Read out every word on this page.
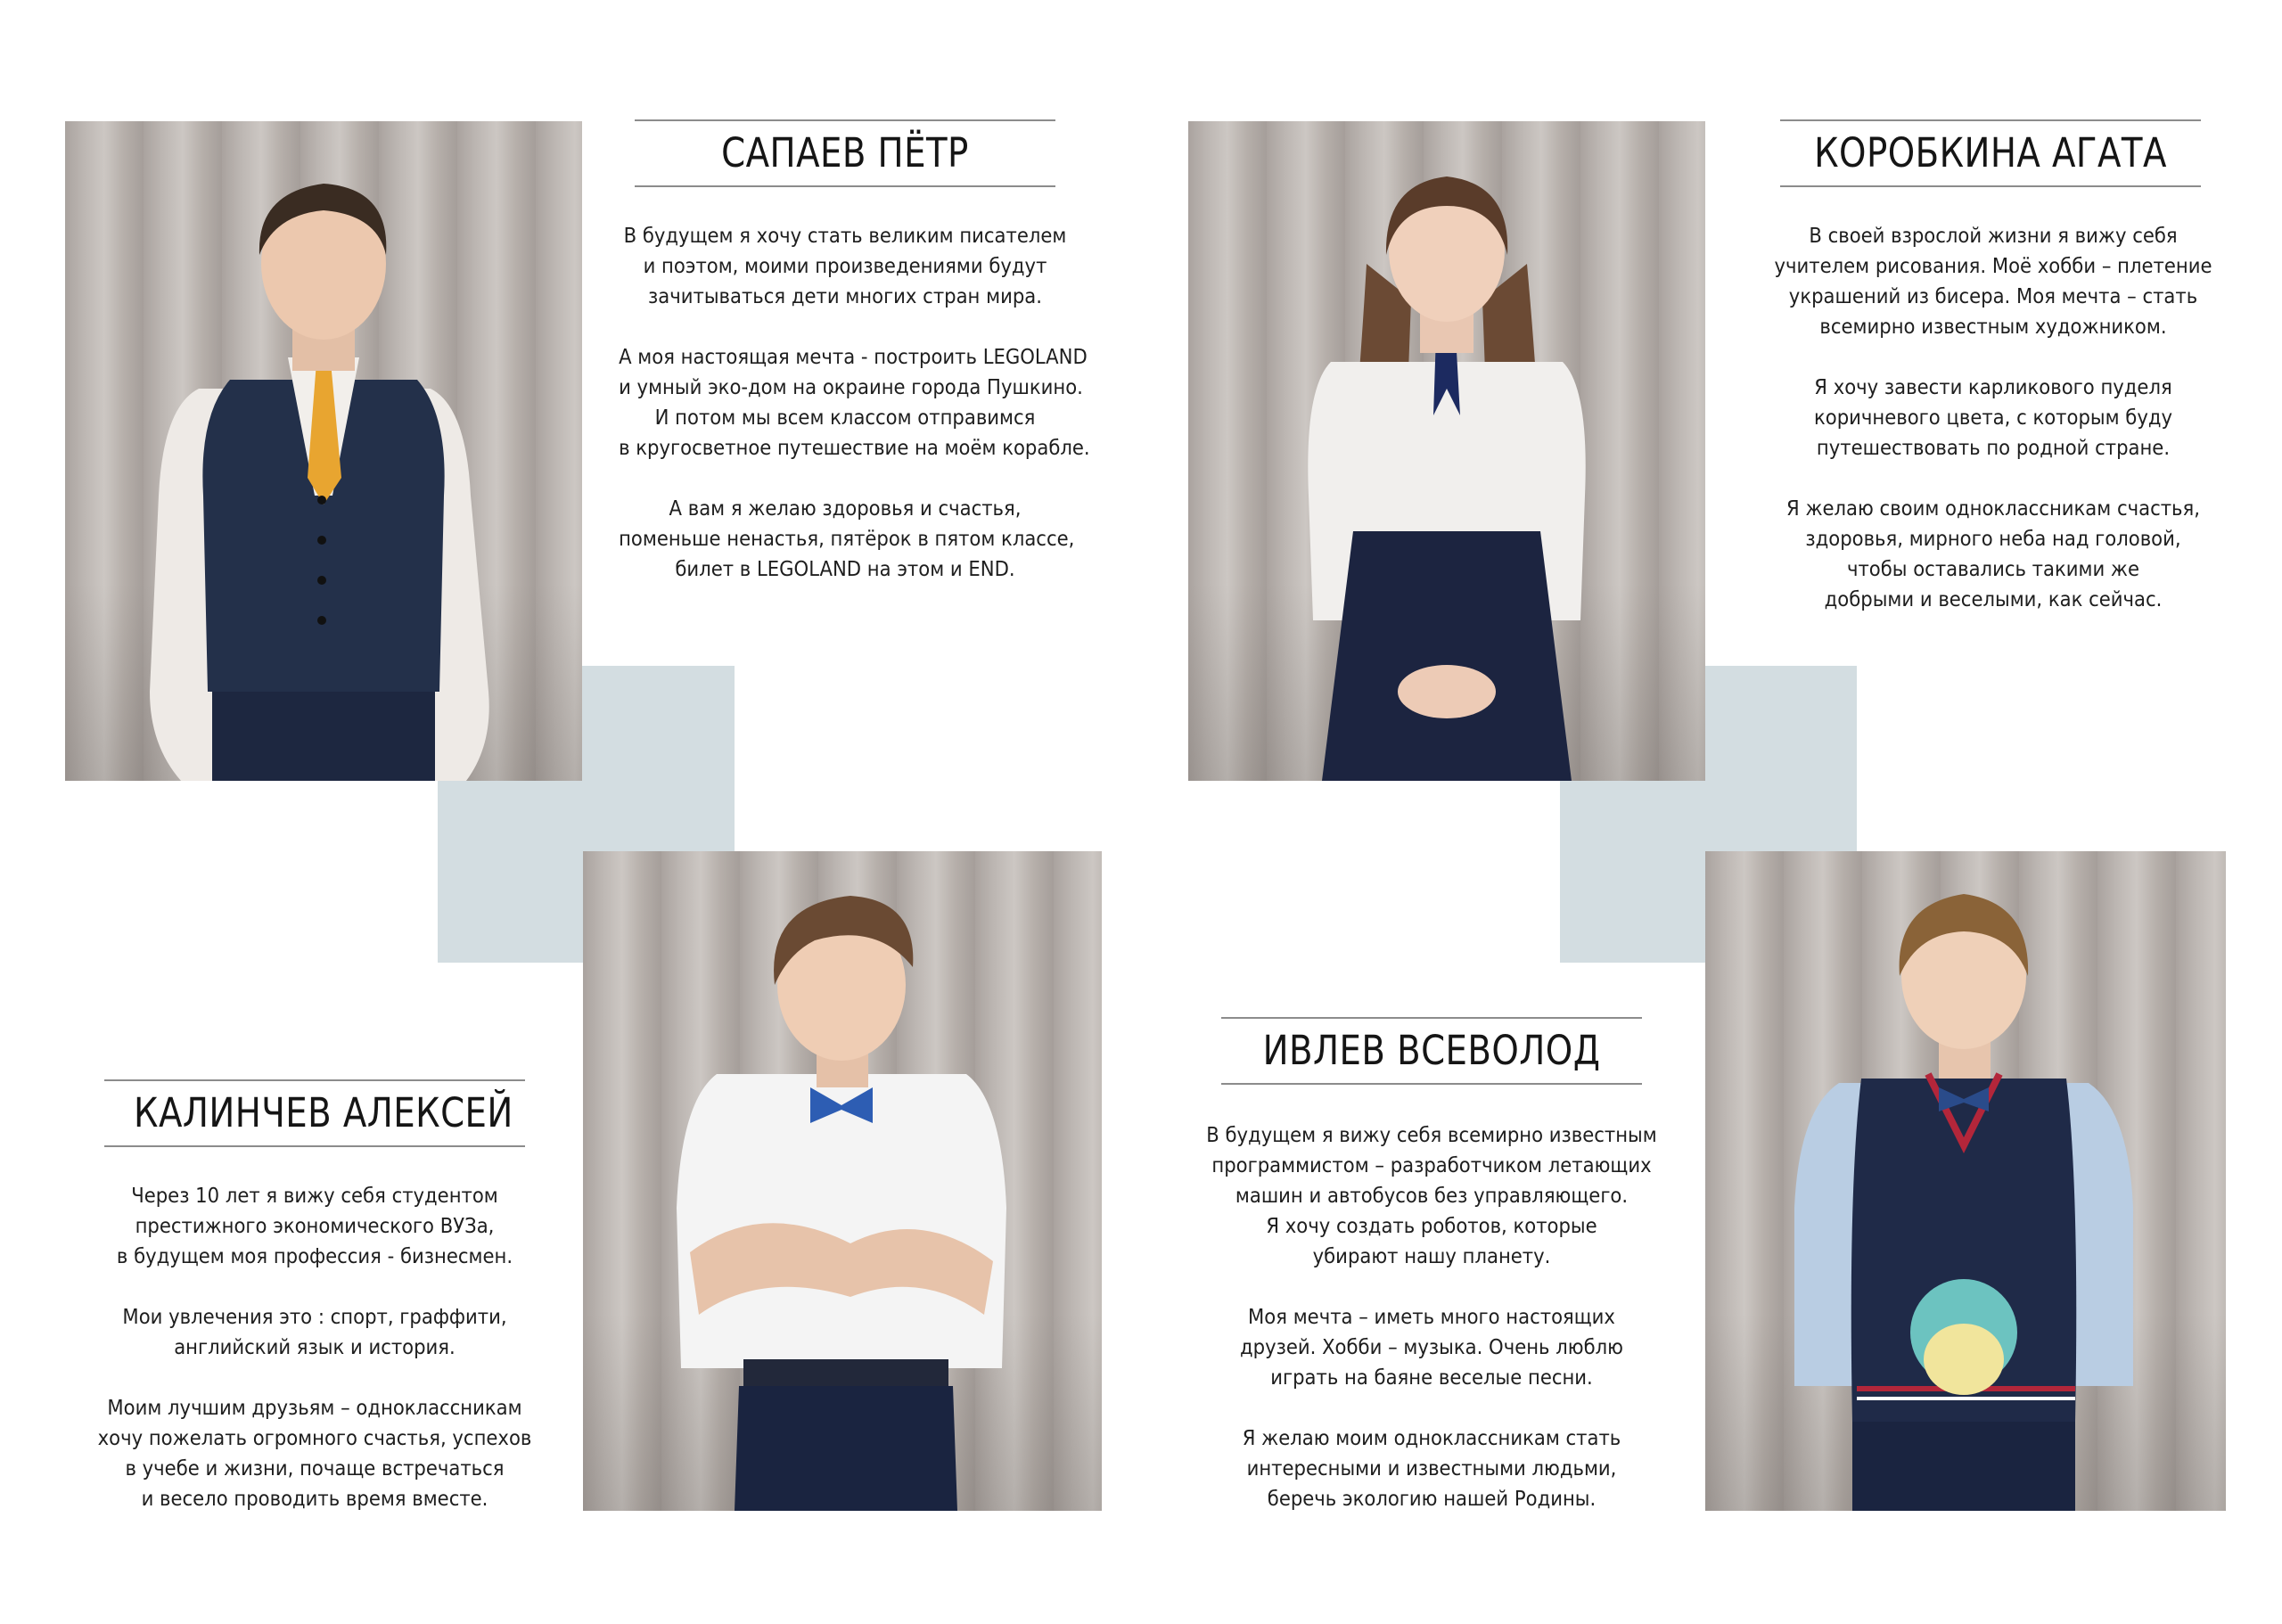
САПАЕВ ПЁТР	КОРОБКИНА АГАТА
КАЛИНЧЕВ АЛЕКСЕЙ
ИВЛЕВ ВСЕВОЛОД

В будущем я хочу стать великим писателем
и поэтом, моими произведениями будут
зачитываться дети многих стран мира.

А моя настоящая мечта - построить LEGOLAND
и умный эко-дом на окраине города Пушкино.
И потом мы всем классом отправимся
в кругосветное путешествие на моём корабле.

А вам я желаю здоровья и счастья,
поменьше ненастья, пятёрок в пятом классе,
билет в LEGOLAND на этом и END.

В своей взрослой жизни я вижу себя
учителем рисования. Моё хобби – плетение
украшений из бисера. Моя мечта – стать
всемирно известным художником.

Я хочу завести карликового пуделя
коричневого цвета, с которым буду
путешествовать по родной стране.

Я желаю своим одноклассникам счастья,
здоровья, мирного неба над головой,
чтобы оставались такими же
добрыми и веселыми, как сейчас.

Через 10 лет я вижу себя студентом
престижного экономического ВУЗа,
в будущем моя профессия - бизнесмен.

Мои увлечения это : спорт, граффити,
английский язык и история.

Моим лучшим друзьям – одноклассникам
хочу пожелать огромного счастья, успехов
в учебе и жизни, почаще встречаться
и весело проводить время вместе.

В будущем я вижу себя всемирно известным
программистом – разработчиком летающих
машин и автобусов без управляющего.
Я хочу создать роботов, которые
убирают нашу планету.

Моя мечта – иметь много настоящих
друзей. Хобби – музыка. Очень люблю
играть на баяне веселые песни.

Я желаю моим одноклассникам стать
интересными и известными людьми,
беречь экологию нашей Родины.
